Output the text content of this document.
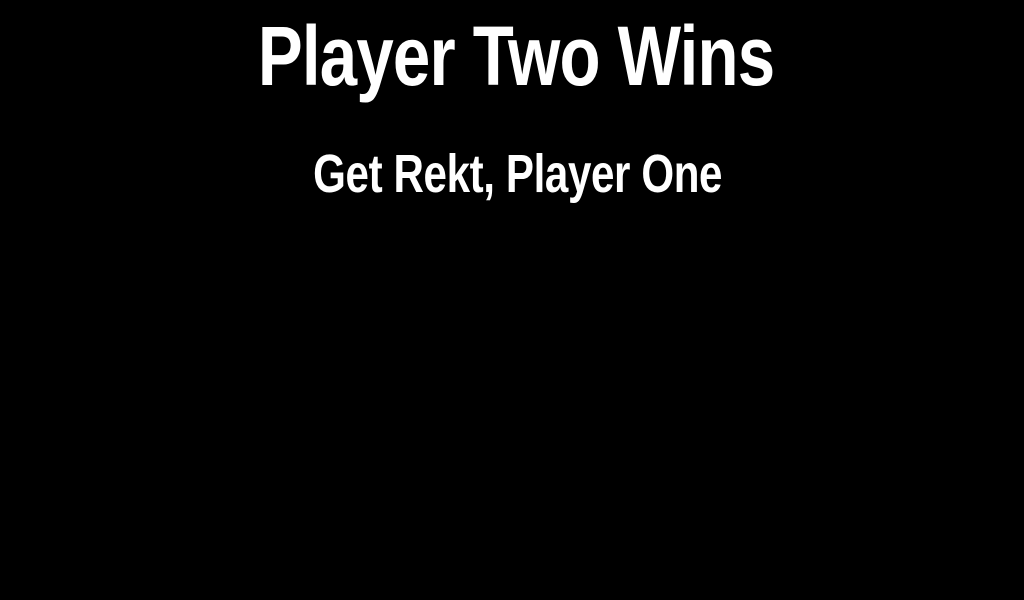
Player Two Wins
Get Rekt, Player One
